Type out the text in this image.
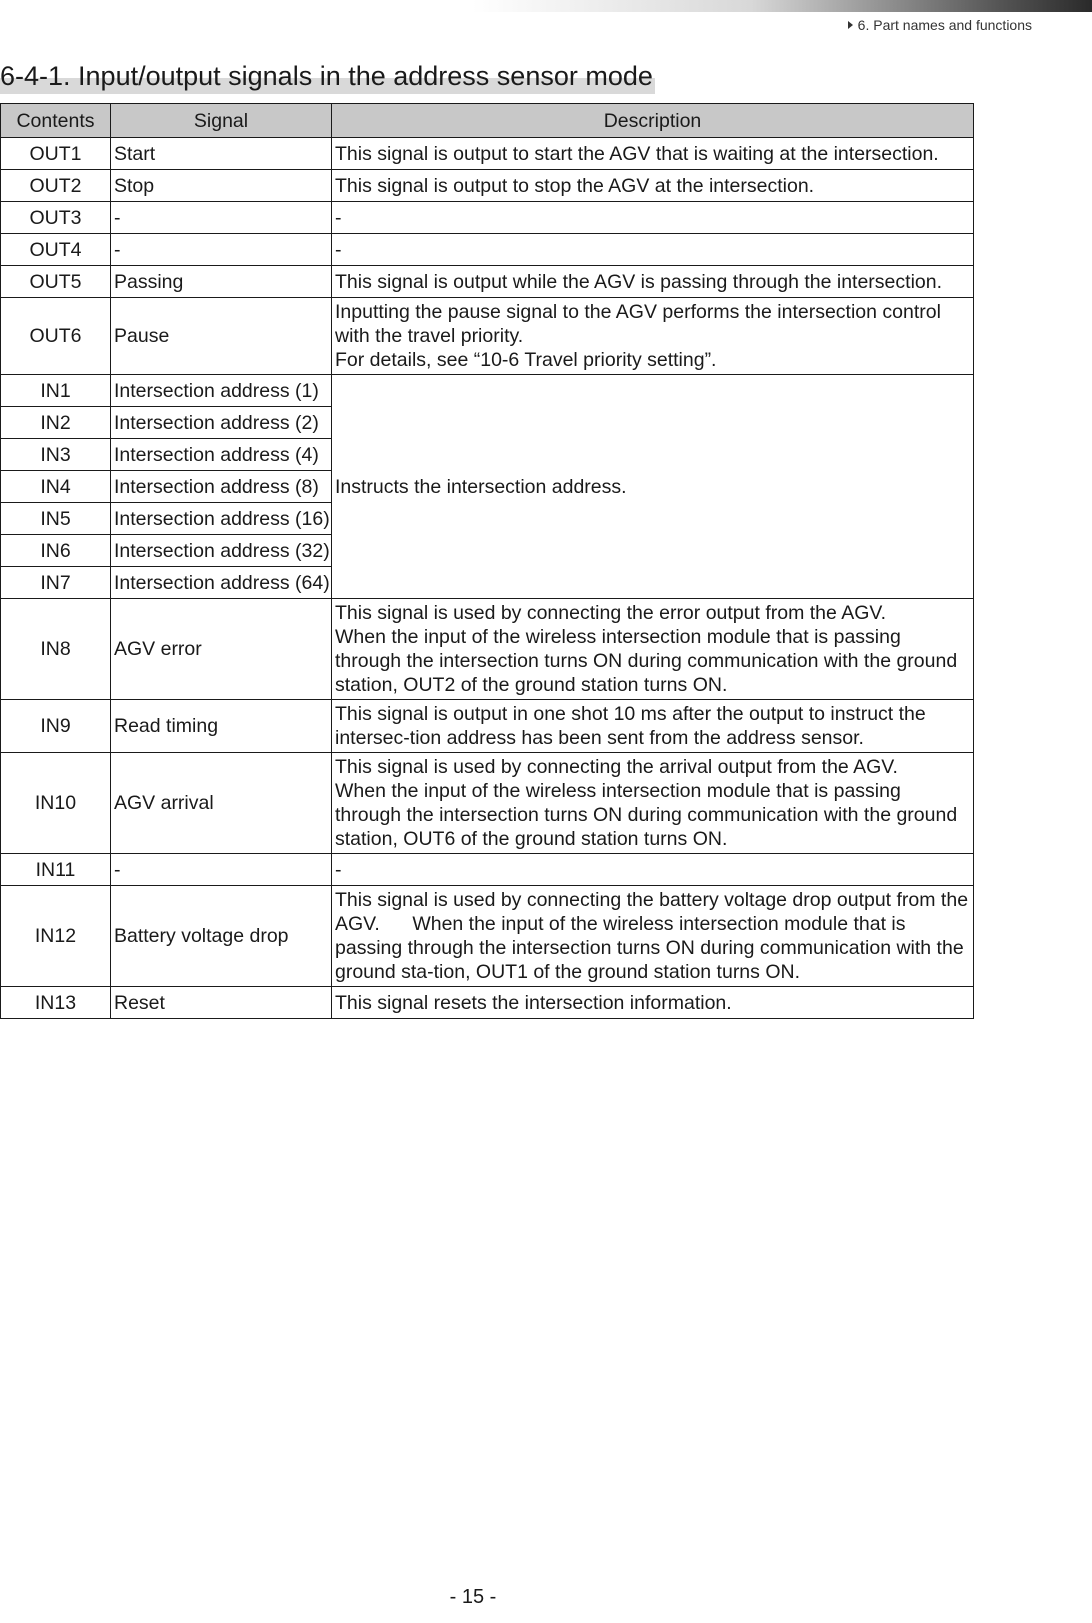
6. Part names and functions
6-4-1. Input/output signals in the address sensor mode
Contents	Signal	Description
OUT1	Start	This signal is output to start the AGV that is waiting at the intersection.

OUT2	Stop	This signal is output to stop the AGV at the intersection.

OUT3	-	-

OUT4	-	-

OUT5	Passing	This signal is output while the AGV is passing through the intersection.

OUT6	Pause	Inputting the pause signal to the AGV performs the intersection control with the travel priority.
For details, see “10-6 Travel priority setting”.

IN1	Intersection address (1)	Instructs the intersection address.
IN2	Intersection address (2)	
IN3	Intersection address (4)	
IN4	Intersection address (8)	
IN5	Intersection address (16)	
IN6	Intersection address (32)	
IN7	Intersection address (64)	
IN8	AGV error	This signal is used by connecting the error output from the AGV.
When the input of the wireless intersection module that is passing through the intersection turns ON during communication with the ground station, OUT2 of the ground station turns ON.

IN9	Read timing	This signal is output in one shot 10 ms after the output to instruct the intersec-tion address has been sent from the address sensor.

IN10	AGV arrival	This signal is used by connecting the arrival output from the AGV.
When the input of the wireless intersection module that is passing through the intersection turns ON during communication with the ground station, OUT6 of the ground station turns ON.

IN11	-	-

IN12	Battery voltage drop	This signal is used by connecting the battery voltage drop output from the AGV.      When the input of the wireless intersection module that is passing through the intersection turns ON during communication with the ground sta-tion, OUT1 of the ground station turns ON.

IN13	Reset	This signal resets the intersection information.
- 15 -
